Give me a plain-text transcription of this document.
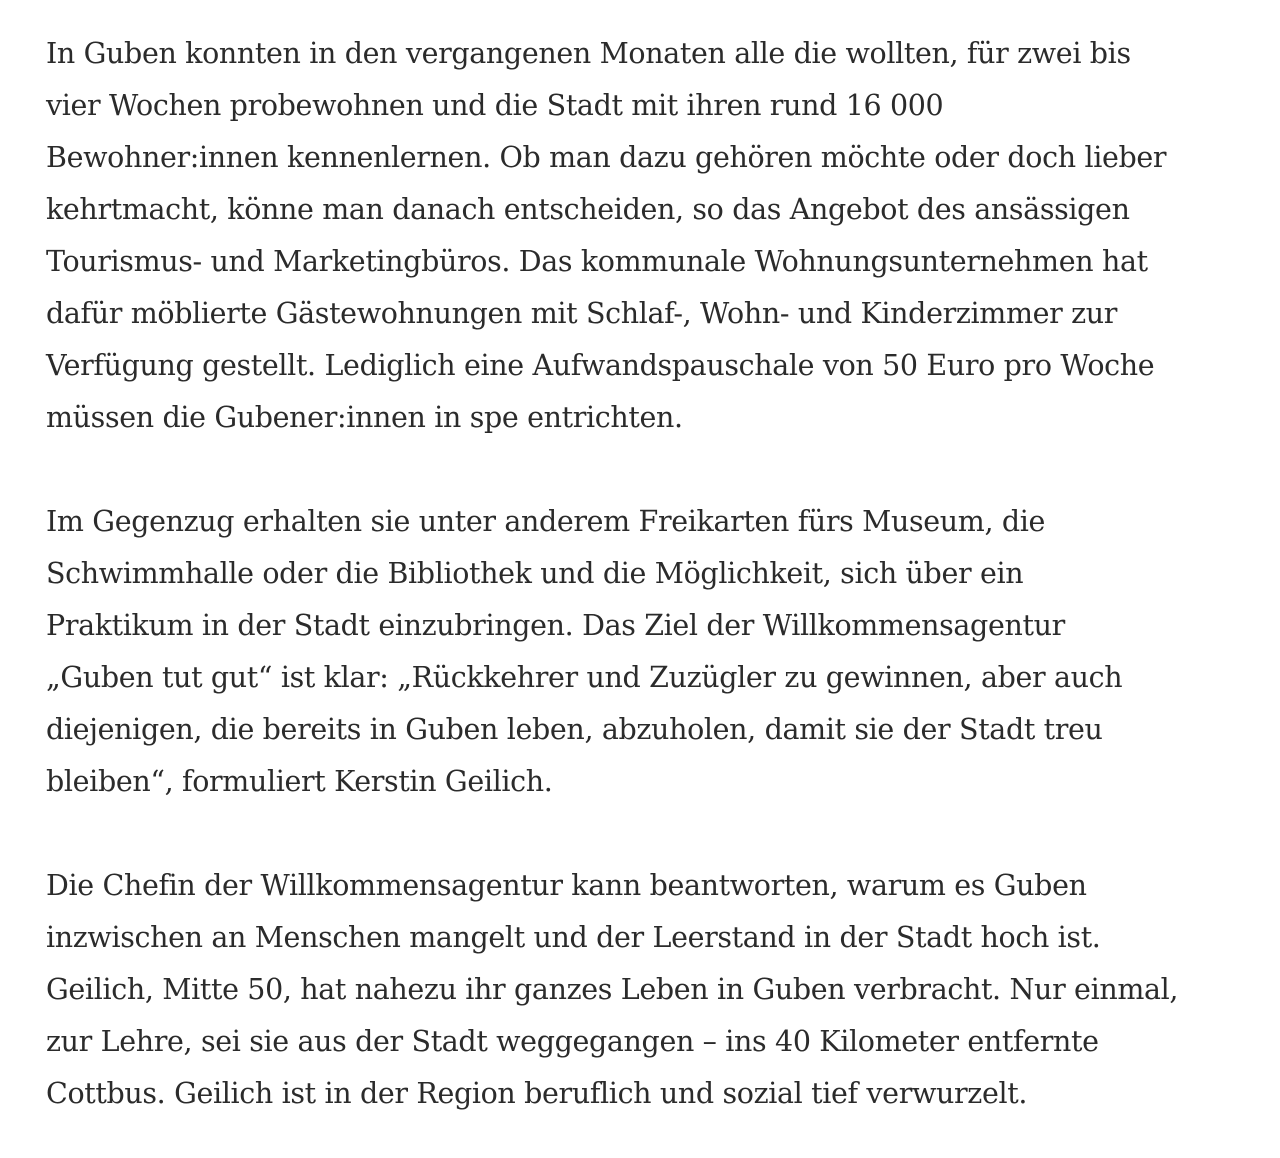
In Guben konnten in den vergangenen Monaten alle die wollten, für zwei bis
vier Wochen probewohnen und die Stadt mit ihren rund 16 000
Bewohner:innen kennenlernen. Ob man dazu gehören möchte oder doch lieber
kehrtmacht, könne man danach entscheiden, so das Angebot des ansässigen
Tourismus- und Marketingbüros. Das kommunale Wohnungsunternehmen hat
dafür möblierte Gästewohnungen mit Schlaf-, Wohn- und Kinderzimmer zur
Verfügung gestellt. Lediglich eine Aufwandspauschale von 50 Euro pro Woche
müssen die Gubener:innen in spe entrichten.

Im Gegenzug erhalten sie unter anderem Freikarten fürs Museum, die
Schwimmhalle oder die Bibliothek und die Möglichkeit, sich über ein
Praktikum in der Stadt einzubringen. Das Ziel der Willkommensagentur
„Guben tut gut“ ist klar: „Rückkehrer und Zuzügler zu gewinnen, aber auch
diejenigen, die bereits in Guben leben, abzuholen, damit sie der Stadt treu
bleiben“, formuliert Kerstin Geilich.

Die Chefin der Willkommensagentur kann beantworten, warum es Guben
inzwischen an Menschen mangelt und der Leerstand in der Stadt hoch ist.
Geilich, Mitte 50, hat nahezu ihr ganzes Leben in Guben verbracht. Nur einmal,
zur Lehre, sei sie aus der Stadt weggegangen – ins 40 Kilometer entfernte
Cottbus. Geilich ist in der Region beruflich und sozial tief verwurzelt.
